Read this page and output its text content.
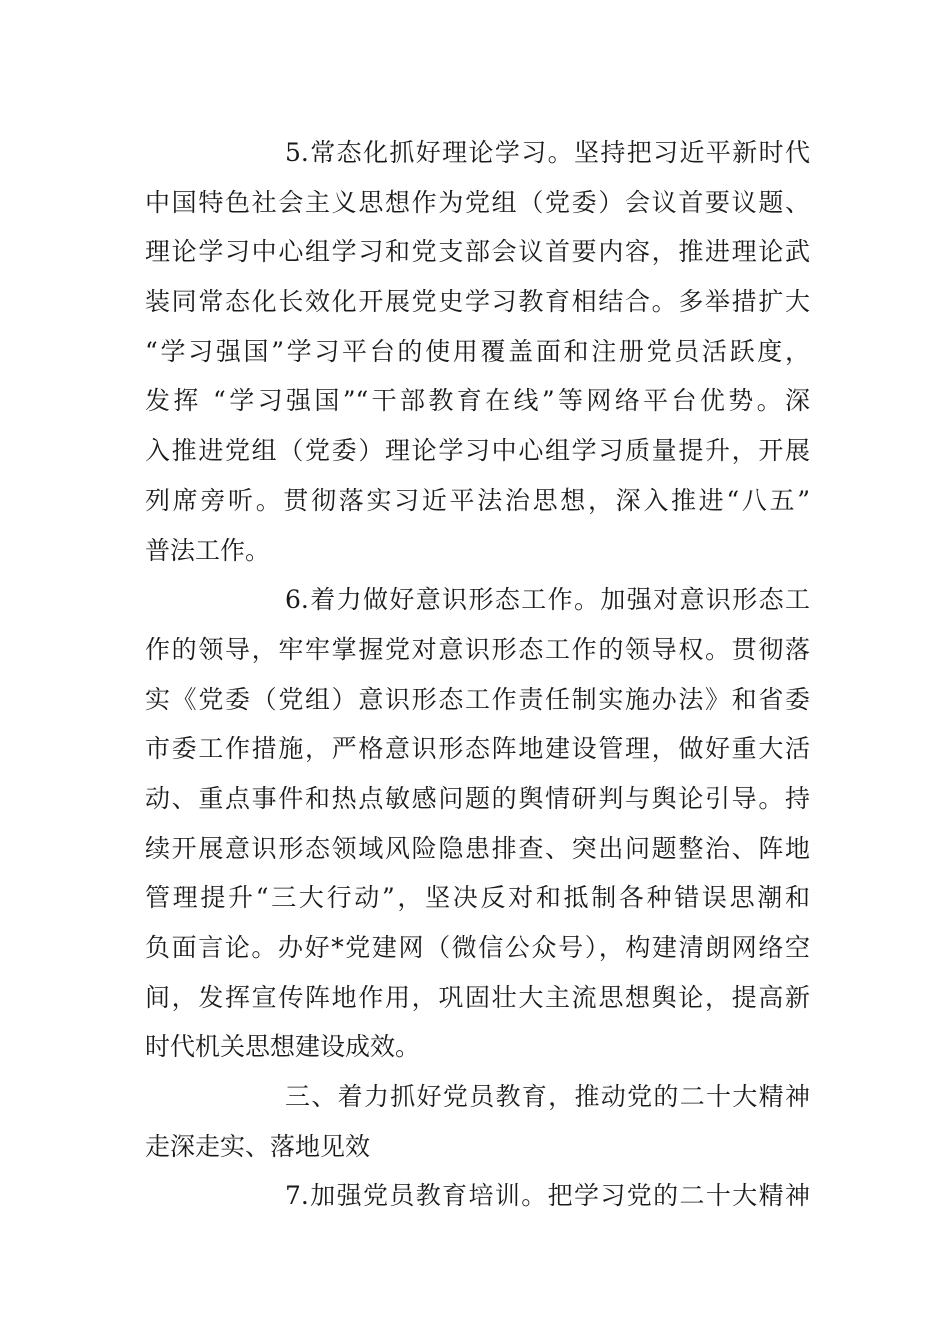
5.常态化抓好理论学习。坚持把习近平新时代
中国特色社会主义思想作为党组（党委）会议首要议题、
理论学习中心组学习和党支部会议首要内容，推进理论武
装同常态化长效化开展党史学习教育相结合。多举措扩大
“学习强国”学习平台的使用覆盖面和注册党员活跃度，
发挥 “学习强国”“干部教育在线”等网络平台优势。深
入推进党组（党委）理论学习中心组学习质量提升，开展
列席旁听。贯彻落实习近平法治思想，深入推进“八五”
普法工作。
6.着力做好意识形态工作。加强对意识形态工
作的领导，牢牢掌握党对意识形态工作的领导权。贯彻落
实《党委（党组）意识形态工作责任制实施办法》和省委
市委工作措施，严格意识形态阵地建设管理，做好重大活
动、重点事件和热点敏感问题的舆情研判与舆论引导。持
续开展意识形态领域风险隐患排查、突出问题整治、阵地
管理提升“三大行动”，坚决反对和抵制各种错误思潮和
负面言论。办好*党建网（微信公众号），构建清朗网络空
间，发挥宣传阵地作用，巩固壮大主流思想舆论，提高新
时代机关思想建设成效。
三、着力抓好党员教育，推动党的二十大精神
走深走实、落地见效
7.加强党员教育培训。把学习党的二十大精神
